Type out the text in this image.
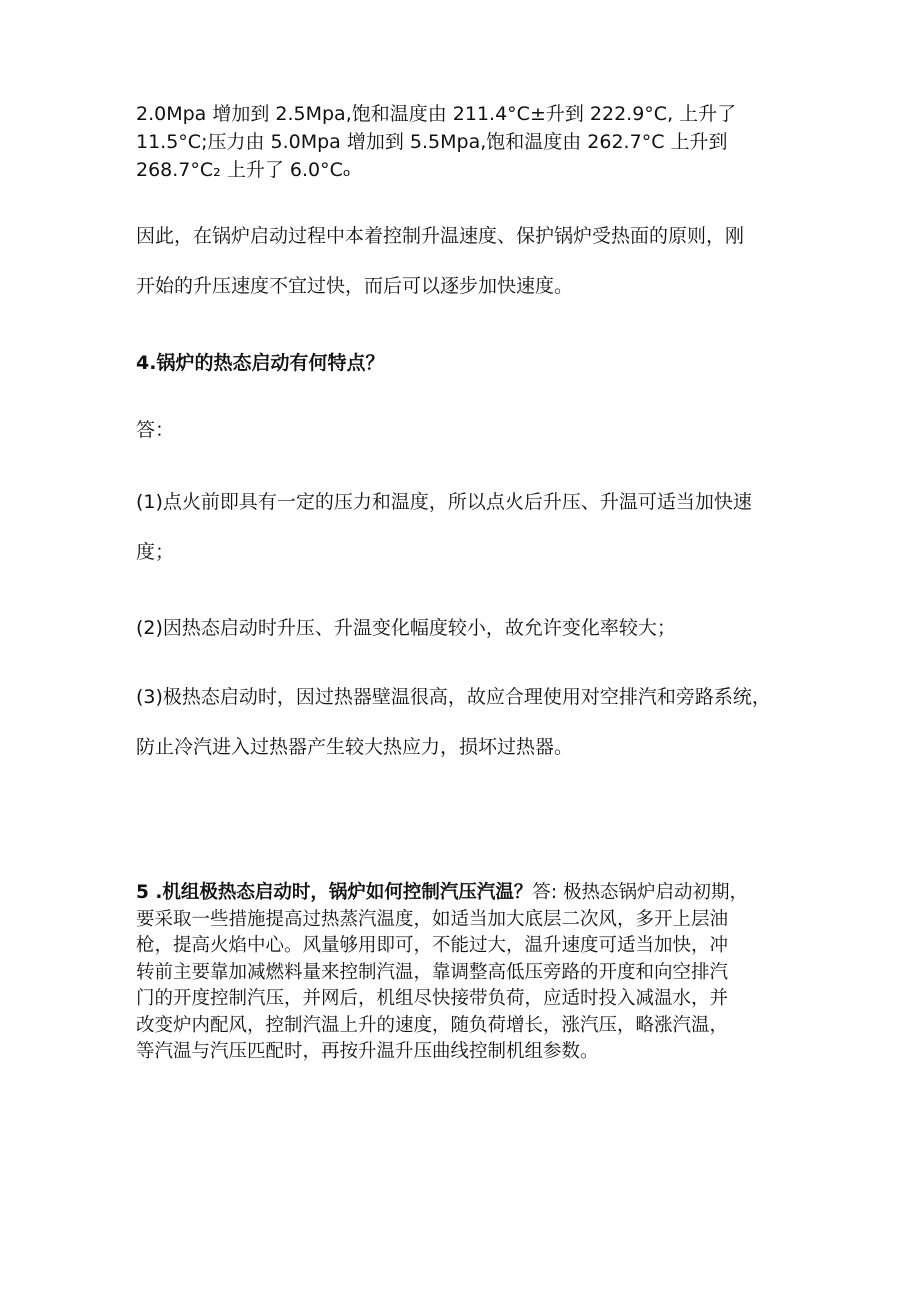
2.0Mpa 增加到 2.5Mpa,饱和温度由 211.4°C±升到 222.9°C, 上升了
11.5°C;压力由 5.0Mpa 增加到 5.5Mpa,饱和温度由 262.7°C 上升到
268.7°C₂ 上升了 6.0°Cₒ
因此，在锅炉启动过程中本着控制升温速度、保护锅炉受热面的原则，刚
开始的升压速度不宜过快，而后可以逐步加快速度。
4.锅炉的热态启动有何特点？
答：
(1)点火前即具有一定的压力和温度，所以点火后升压、升温可适当加快速
度；
(2)因热态启动时升压、升温变化幅度较小，故允许变化率较大；
(3)极热态启动时，因过热器壁温很高，故应合理使用对空排汽和旁路系统，
防止冷汽进入过热器产生较大热应力，损坏过热器。
5 .机组极热态启动时，锅炉如何控制汽压汽温？答: 极热态锅炉启动初期，
要采取一些措施提高过热蒸汽温度，如适当加大底层二次风，多开上层油
枪，提高火焰中心。风量够用即可，不能过大，温升速度可适当加快，冲
转前主要靠加减燃料量来控制汽温，靠调整高低压旁路的开度和向空排汽
门的开度控制汽压，并网后，机组尽快接带负荷，应适时投入减温水，并
改变炉内配风，控制汽温上升的速度，随负荷增长，涨汽压，略涨汽温，
等汽温与汽压匹配时，再按升温升压曲线控制机组参数。
